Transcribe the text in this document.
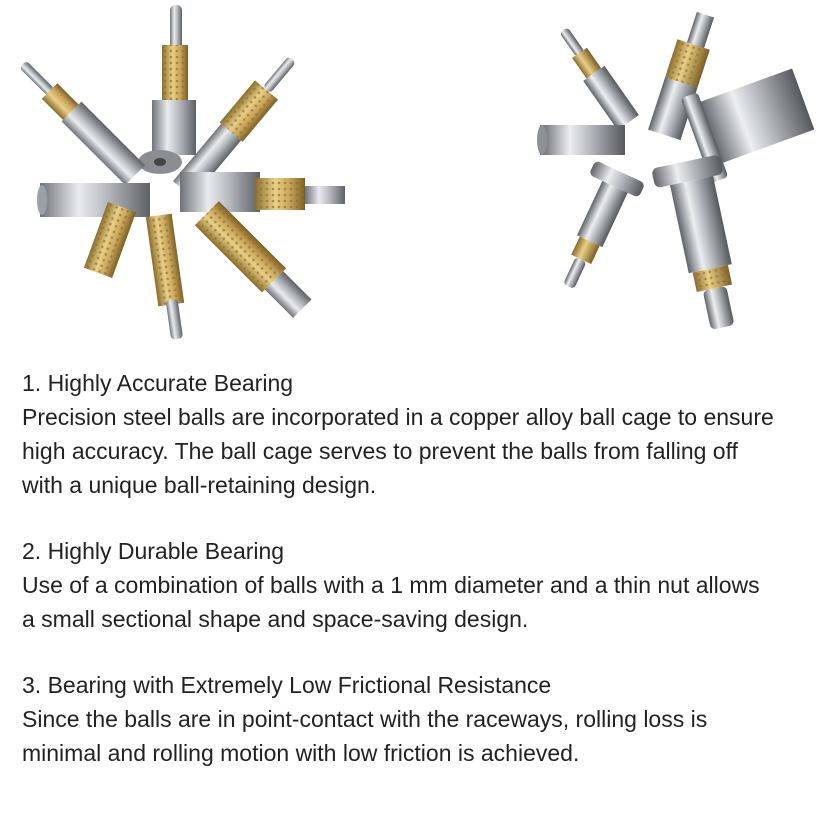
1. Highly Accurate Bearing

Precision steel balls are incorporated in a copper alloy ball cage to ensure

high accuracy. The ball cage serves to prevent the balls from falling off

with a unique ball-retaining design.

2. Highly Durable Bearing

Use of a combination of balls with a 1 mm diameter and a thin nut allows

a small sectional shape and space-saving design.

3. Bearing with Extremely Low Frictional Resistance

Since the balls are in point-contact with the raceways, rolling loss is

minimal and rolling motion with low friction is achieved.
